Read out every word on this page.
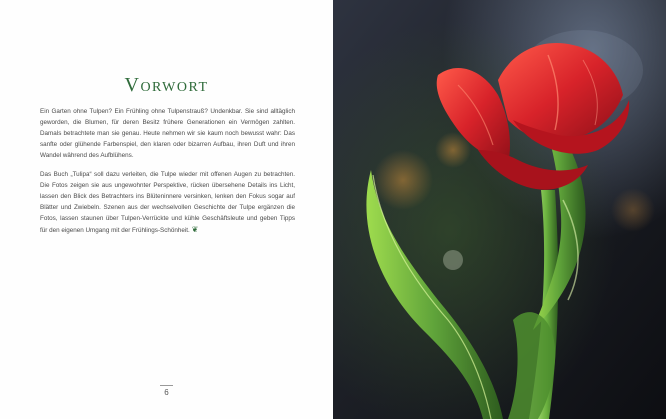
Vorwort

Ein Garten ohne Tulpen? Ein Frühling ohne Tulpenstrauß? Undenkbar. Sie sind alltäglich geworden, die Blumen, für deren Besitz frühere Generationen ein Vermögen zahlten. Damals betrachtete man sie genau. Heute nehmen wir sie kaum noch bewusst wahr: Das sanfte oder glühende Farbenspiel, den klaren oder bizarren Aufbau, ihren Duft und ihren Wandel während des Aufblühens.

Das Buch „Tulipa“ soll dazu verleiten, die Tulpe wieder mit offenen Augen zu betrachten. Die Fotos zeigen sie aus ungewohnter Perspektive, rücken übersehene Details ins Licht, lassen den Blick des Betrachters ins Blüteninnere versinken, lenken den Fokus sogar auf Blätter und Zwiebeln. Szenen aus der wechselvollen Geschichte der Tulpe ergänzen die Fotos, lassen staunen über Tulpen-Verrückte und kühle Geschäftsleute und geben Tipps für den eigenen Umgang mit der Frühlings-Schönheit. ❦

6
